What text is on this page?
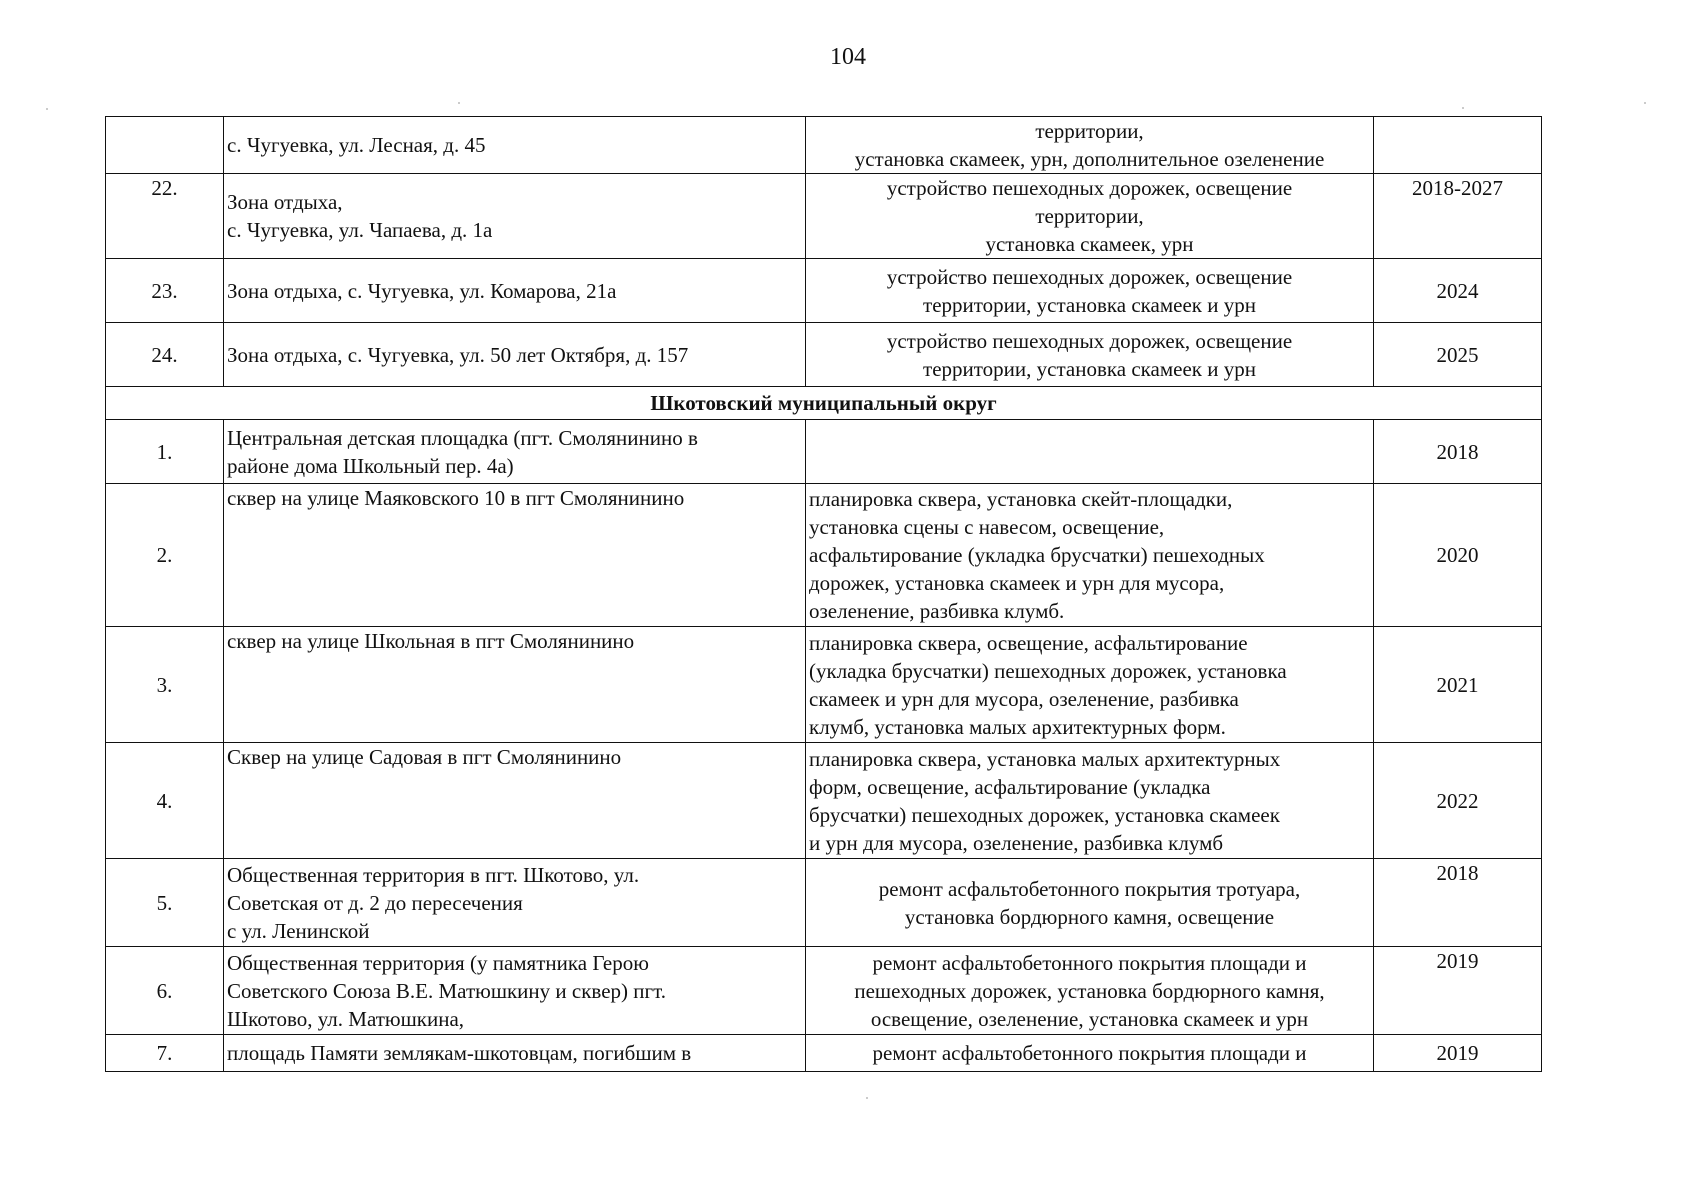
104

	с. Чугуевка, ул. Лесная, д. 45	территории,
установка скамеек, урн, дополнительное озеленение	

22.	Зона отдыха,
с. Чугуевка, ул. Чапаева, д. 1а	устройство пешеходных дорожек, освещение
территории,
установка скамеек, урн	2018-2027
23.	Зона отдыха, с. Чугуевка, ул. Комарова, 21а	устройство пешеходных дорожек, освещение
территории, установка скамеек и урн	2024
24.	Зона отдыха, с. Чугуевка, ул. 50 лет Октября, д. 157	устройство пешеходных дорожек, освещение
территории, установка скамеек и урн	2025
Шкотовский муниципальный округ			
1.	Центральная детская площадка (пгт. Смолянинино в
районе дома Школьный пер. 4а)		2018
2.	сквер на улице Маяковского 10 в пгт Смолянинино	планировка сквера, установка скейт-площадки,
установка сцены с навесом, освещение,
асфальтирование (укладка брусчатки) пешеходных
дорожек, установка скамеек и урн для мусора,
озеленение, разбивка клумб.	2020
3.	сквер на улице Школьная в пгт Смолянинино	планировка сквера, освещение, асфальтирование
(укладка брусчатки) пешеходных дорожек, установка
скамеек и урн для мусора, озеленение, разбивка
клумб, установка малых архитектурных форм.	2021
4.	Сквер на улице Садовая в пгт Смолянинино	планировка сквера, установка малых архитектурных
форм, освещение, асфальтирование (укладка
брусчатки) пешеходных дорожек, установка скамеек
и урн для мусора, озеленение, разбивка клумб	2022
5.	Общественная территория в пгт. Шкотово, ул.
Советская от д. 2 до пересечения
с ул. Ленинской	ремонт асфальтобетонного покрытия тротуара,
установка бордюрного камня, освещение	2018
6.	Общественная территория (у памятника Герою
Советского Союза В.Е. Матюшкину и сквер) пгт.
Шкотово, ул. Матюшкина,	ремонт асфальтобетонного покрытия площади и
пешеходных дорожек, установка бордюрного камня,
освещение, озеленение, установка скамеек и урн	2019
7.	площадь Памяти землякам-шкотовцам, погибшим в	ремонт асфальтобетонного покрытия площади и	2019
